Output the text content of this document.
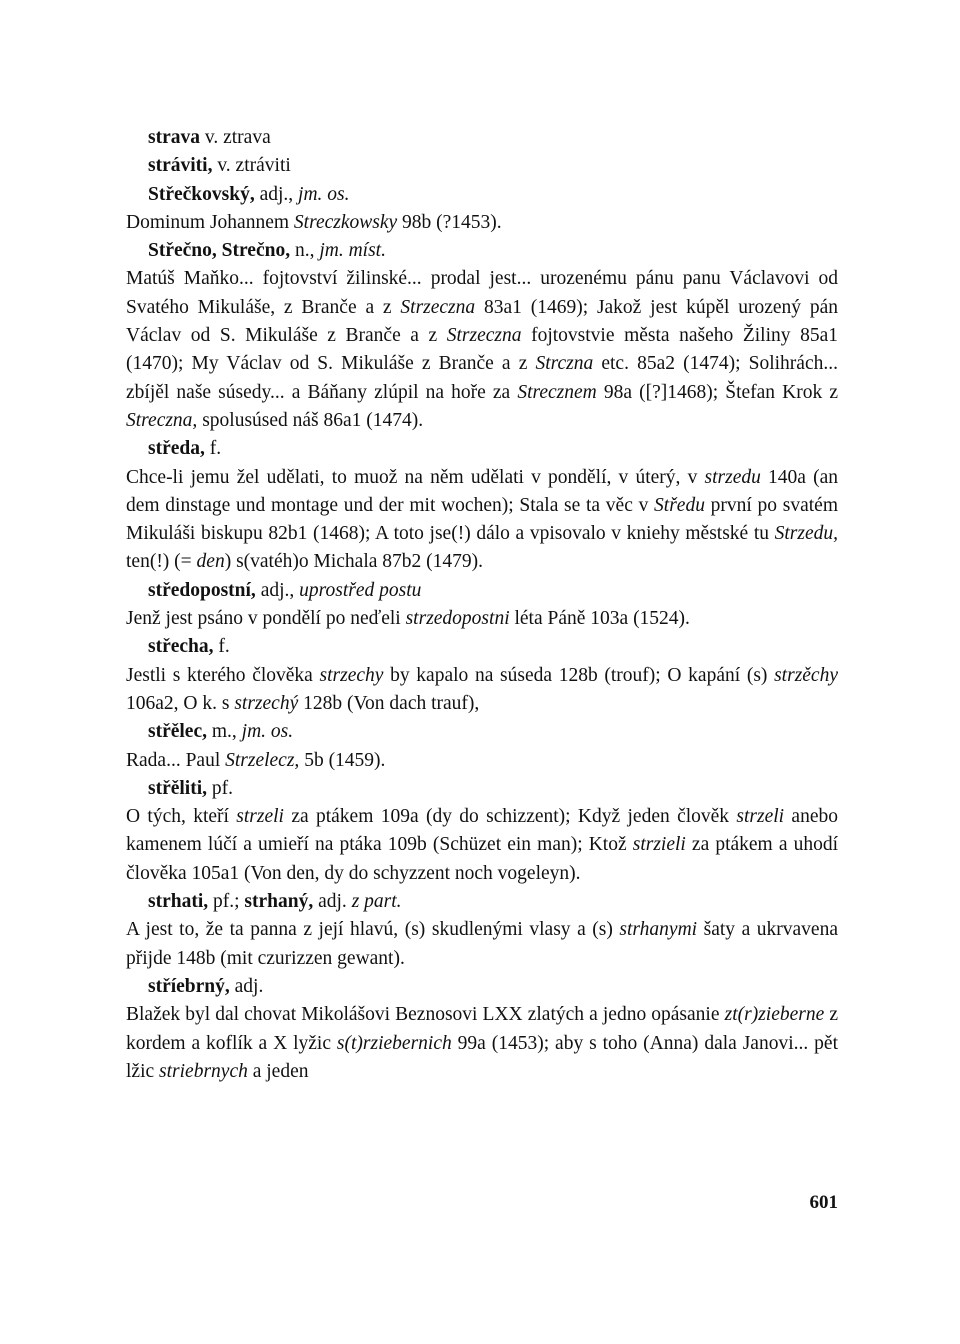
strava v. ztrava
stráviti, v. ztráviti
Střečkovský, adj., jm. os.
Dominum Johannem Streczkowsky 98b (?1453).
Střečno, Strečno, n., jm. míst.
Matúš Maňko... fojtovství žilinské... prodal jest... urozenému pánu panu Václavovi od Svatého Mikuláše, z Branče a z Strzeczna 83a1 (1469); Jakož jest kúpěl urozený pán Václav od S. Mikuláše z Branče a z Strzeczna fojtovstvie města našeho Žiliny 85a1 (1470); My Václav od S. Mikuláše z Branče a z Strczna etc. 85a2 (1474); Solihrách... zbíjěl naše súsedy... a Báňany zlúpil na hoře za Strecznem 98a ([?]1468); Štefan Krok z Streczna, spolusúsed náš 86a1 (1474).
středa, f.
Chce-li jemu žel udělati, to muož na něm udělati v pondělí, v úterý, v strzedu 140a (an dem dinstage und montage und der mit wochen); Stala se ta věc v Středu první po svatém Mikuláši biskupu 82b1 (1468); A toto jse(!) dálo a vpisovalo v kniehy městské tu Strzedu, ten(!) (= den) s(vatéh)o Michala 87b2 (1479).
středopostní, adj., uprostřed postu
Jenž jest psáno v pondělí po neďeli strzedopostni léta Páně 103a (1524).
střecha, f.
Jestli s kterého člověka strzechy by kapalo na súseda 128b (trouf); O kapání (s) strzěchy 106a2, O k. s strzechý 128b (Von dach trauf),
střělec, m., jm. os.
Rada... Paul Strzelecz, 5b (1459).
střěliti, pf.
O tých, kteří strzeli za ptákem 109a (dy do schizzent); Když jeden člověk strzeli anebo kamenem lúčí a umieří na ptáka 109b (Schüzet ein man); Ktož strzieli za ptákem a uhodí člověka 105a1 (Von den, dy do schyzzent noch vogeleyn).
strhati, pf.; strhaný, adj. z part.
A jest to, že ta panna z její hlavú, (s) skudlenými vlasy a (s) strhanymi šaty a ukrvavena přijde 148b (mit czurizzen gewant).
stříebrný, adj.
Blažek byl dal chovat Mikolášovi Beznosovi LXX zlatých a jedno opásanie zt(r)zieberne z kordem a koflík a X lyžic s(t)rziebernich 99a (1453); aby s toho (Anna) dala Janovi... pět lžic striebrnych a jeden
601
